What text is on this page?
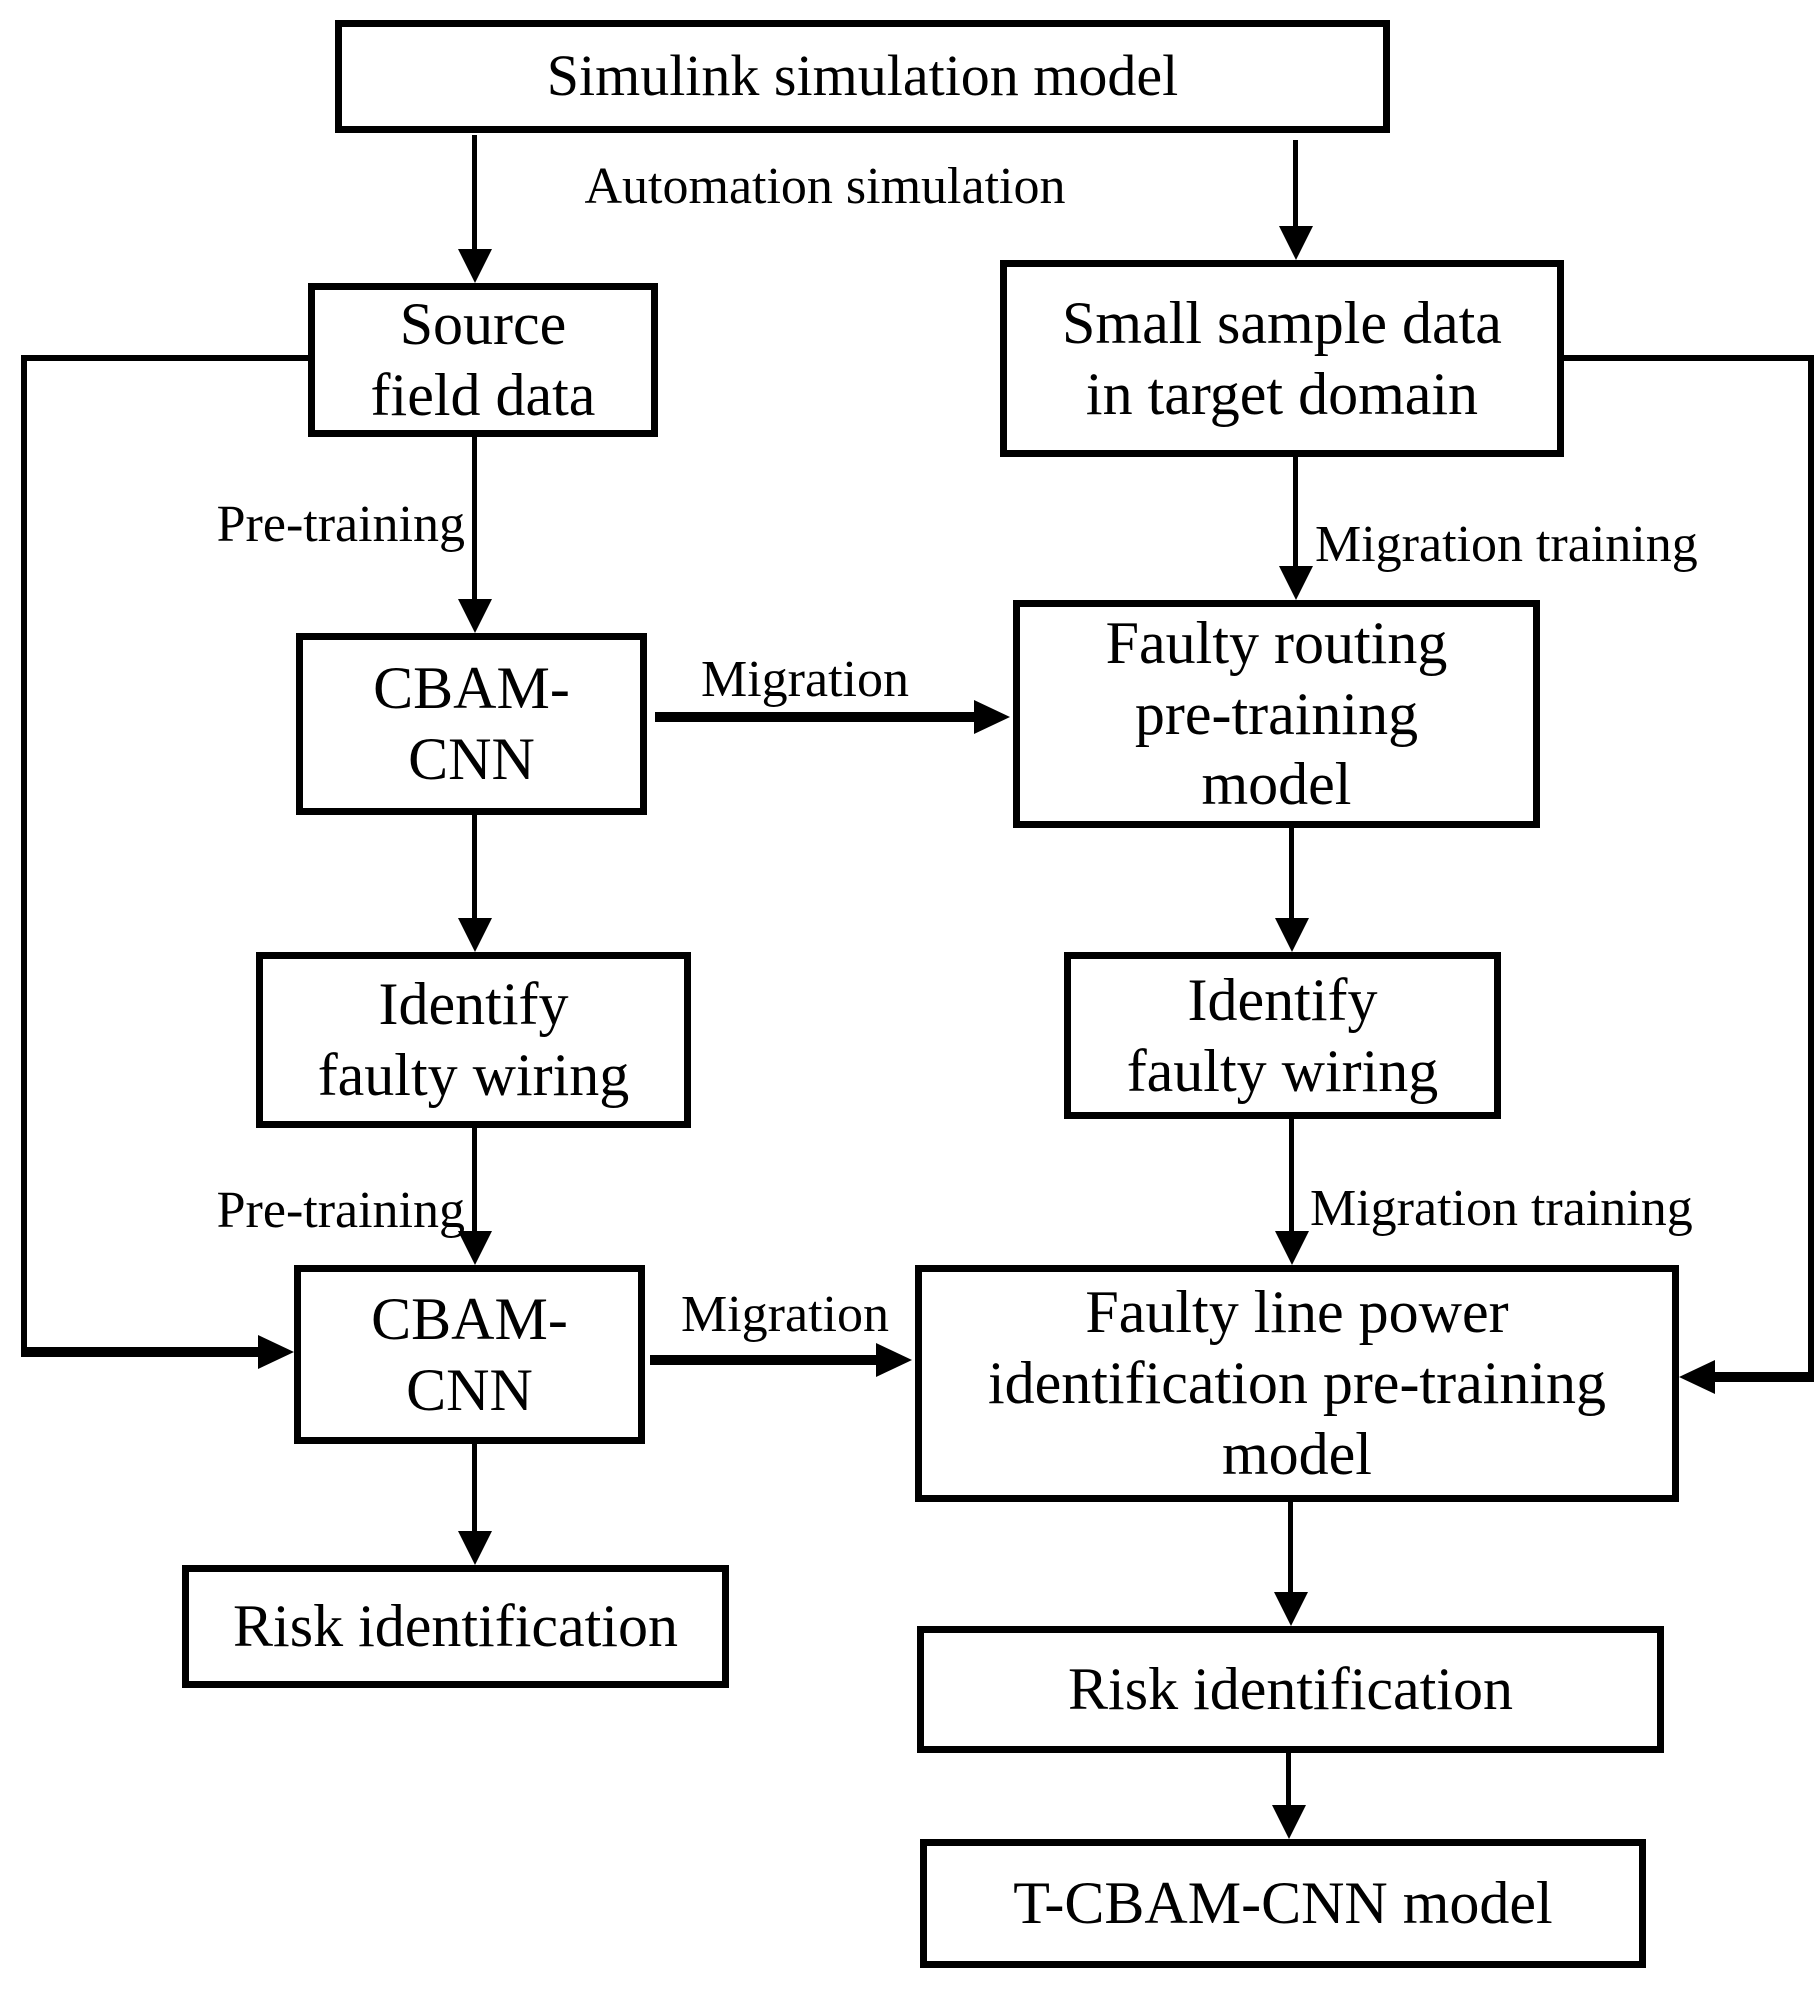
Simulink simulation model
Source
field data
Small sample data
in target domain
CBAM-
CNN
Faulty routing
pre-training
model
Identify
faulty wiring
Identify
faulty wiring
CBAM-
CNN
Faulty line power
identification pre-training
model
Risk identification
Risk identification
T-CBAM-CNN model
Automation simulation
Pre-training
Migration
Migration training
Pre-training
Migration
Migration training
